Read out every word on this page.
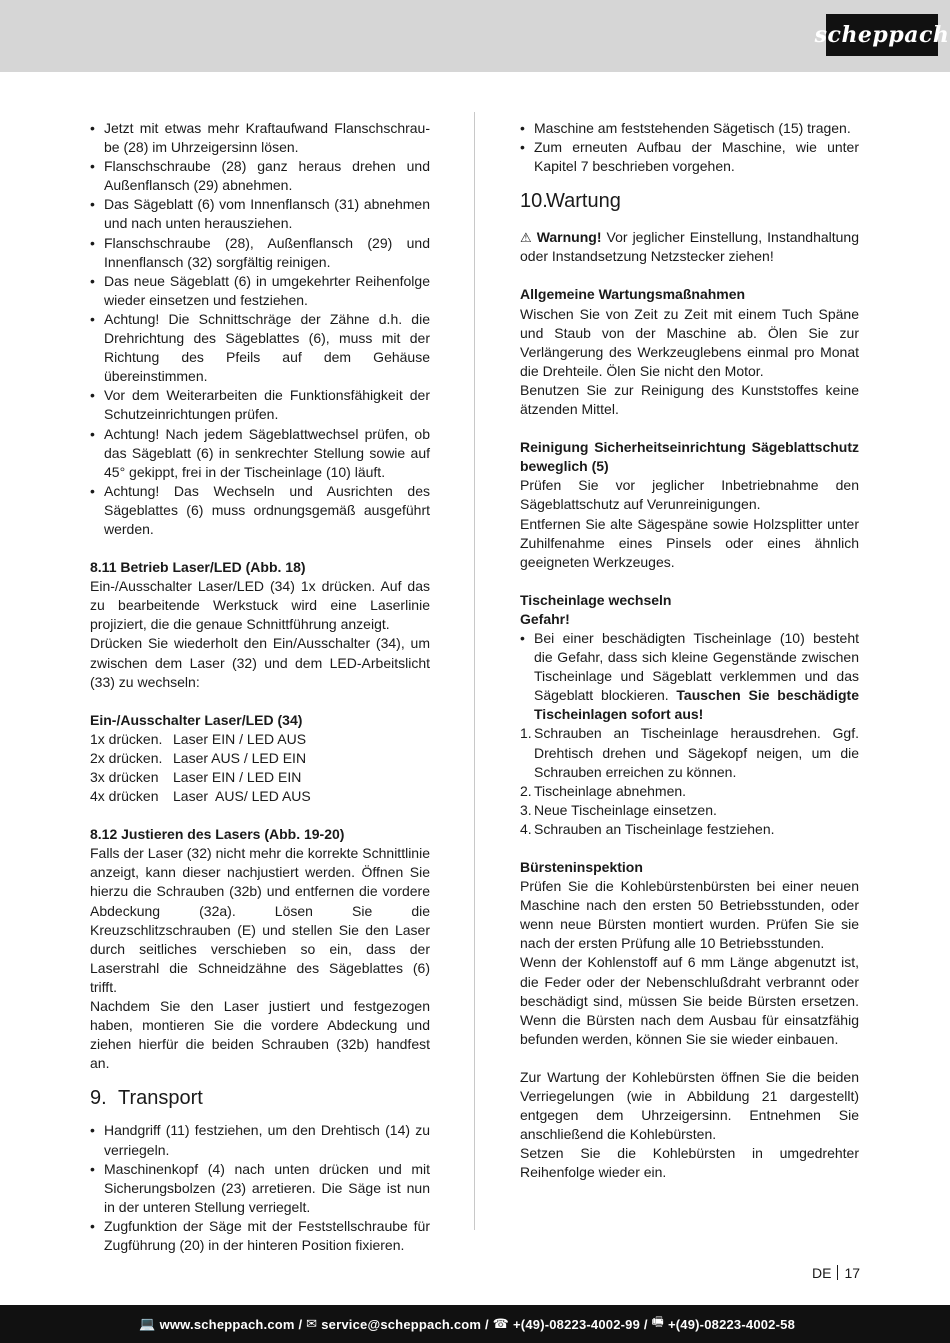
scheppach
• Jetzt mit etwas mehr Kraftaufwand Flanschschrau-be (28) im Uhrzeigersinn lösen.
• Flanschschraube (28) ganz heraus drehen und Außenflansch (29) abnehmen.
• Das Sägeblatt (6) vom Innenflansch (31) abnehmen und nach unten herausziehen.
• Flanschschraube (28), Außenflansch (29) und Innenflansch (32) sorgfältig reinigen.
• Das neue Sägeblatt (6) in umgekehrter Reihenfolge wieder einsetzen und festziehen.
• Achtung! Die Schnittschräge der Zähne d.h. die Drehrichtung des Sägeblattes (6), muss mit der Richtung des Pfeils auf dem Gehäuse übereinstimmen.
• Vor dem Weiterarbeiten die Funktionsfähigkeit der Schutzeinrichtungen prüfen.
• Achtung! Nach jedem Sägeblattwechsel prüfen, ob das Sägeblatt (6) in senkrechter Stellung sowie auf 45° gekippt, frei in der Tischeinlage (10) läuft.
• Achtung! Das Wechseln und Ausrichten des Sägeblattes (6) muss ordnungsgemäß ausgeführt werden.

8.11 Betrieb Laser/LED (Abb. 18)

Ein-/Ausschalter Laser/LED (34) 1x drücken. Auf das zu bearbeitende Werkstuck wird eine Laserlinie projiziert, die die genaue Schnittführung anzeigt.

Drücken Sie wiederholt den Ein/Ausschalter (34), um zwischen dem Laser (32) und dem LED-Arbeitslicht (33) zu wechseln:

Ein-/Ausschalter Laser/LED (34)

1x drücken. Laser EIN / LED AUS
2x drücken. Laser AUS / LED EIN
3x drücken	Laser EIN / LED EIN
4x drücken	Laser  AUS/ LED AUS

8.12 Justieren des Lasers (Abb. 19-20)

Falls der Laser (32) nicht mehr die korrekte Schnittlinie anzeigt, kann dieser nachjustiert werden. Öffnen Sie hierzu die Schrauben (32b) und entfernen die vordere Abdeckung (32a). Lösen Sie die Kreuzschlitzschrauben (E) und stellen Sie den Laser durch seitliches verschieben so ein, dass der Laserstrahl die Schneidzähne des Sägeblattes (6) trifft.

Nachdem Sie den Laser justiert und festgezogen haben, montieren Sie die vordere Abdeckung und ziehen hierfür die beiden Schrauben (32b) handfest an.

9. Transport
• Handgriff (11) festziehen, um den Drehtisch (14) zu verriegeln.
• Maschinenkopf (4) nach unten drücken und mit Sicherungsbolzen (23) arretieren. Die Säge ist nun in der unteren Stellung verriegelt.
• Zugfunktion der Säge mit der Feststellschraube für Zugführung (20) in der hinteren Position fixieren.
• Maschine am feststehenden Sägetisch (15) tragen.
• Zum erneuten Aufbau der Maschine, wie unter Kapitel 7 beschrieben vorgehen.
10.Wartung

⚠ Warnung! Vor jeglicher Einstellung, Instandhaltung oder Instandsetzung Netzstecker ziehen!

Allgemeine Wartungsmaßnahmen

Wischen Sie von Zeit zu Zeit mit einem Tuch Späne und Staub von der Maschine ab. Ölen Sie zur Verlängerung des Werkzeuglebens einmal pro Monat die Drehteile. Ölen Sie nicht den Motor.

Benutzen Sie zur Reinigung des Kunststoffes keine ätzenden Mittel.

Reinigung Sicherheitseinrichtung Sägeblattschutz beweglich (5)

Prüfen Sie vor jeglicher Inbetriebnahme den Sägeblattschutz auf Verunreinigungen.

Entfernen Sie alte Sägespäne sowie Holzsplitter unter Zuhilfenahme eines Pinsels oder eines ähnlich geeigneten Werkzeuges.

Tischeinlage wechseln

Gefahr!

• Bei einer beschädigten Tischeinlage (10) besteht die Gefahr, dass sich kleine Gegenstände zwischen Tischeinlage und Sägeblatt verklemmen und das Sägeblatt blockieren. Tauschen Sie beschädigte Tischeinlagen sofort aus!
1. Schrauben an Tischeinlage herausdrehen. Ggf. Drehtisch drehen und Sägekopf neigen, um die Schrauben erreichen zu können.
2. Tischeinlage abnehmen.
3. Neue Tischeinlage einsetzen.
4. Schrauben an Tischeinlage festziehen.

Bürsteninspektion

Prüfen Sie die Kohlebürstenbürsten bei einer neuen Maschine nach den ersten 50 Betriebsstunden, oder wenn neue Bürsten montiert wurden. Prüfen Sie sie nach der ersten Prüfung alle 10 Betriebsstunden.

Wenn der Kohlenstoff auf 6 mm Länge abgenutzt ist, die Feder oder der Nebenschlußdraht verbrannt oder beschädigt sind, müssen Sie beide Bürsten ersetzen. Wenn die Bürsten nach dem Ausbau für einsatzfähig befunden werden, können Sie sie wieder einbauen.

Zur Wartung der Kohlebürsten öffnen Sie die beiden Verriegelungen (wie in Abbildung 21 dargestellt) entgegen dem Uhrzeigersinn. Entnehmen Sie anschließend die Kohlebürsten.

Setzen Sie die Kohlebürsten in umgedrehter Reihenfolge wieder ein.

DE 17
💻 www.scheppach.com /
✉ service@scheppach.com /
☎ +(49)-08223-4002-99 /
🖷 +(49)-08223-4002-58
